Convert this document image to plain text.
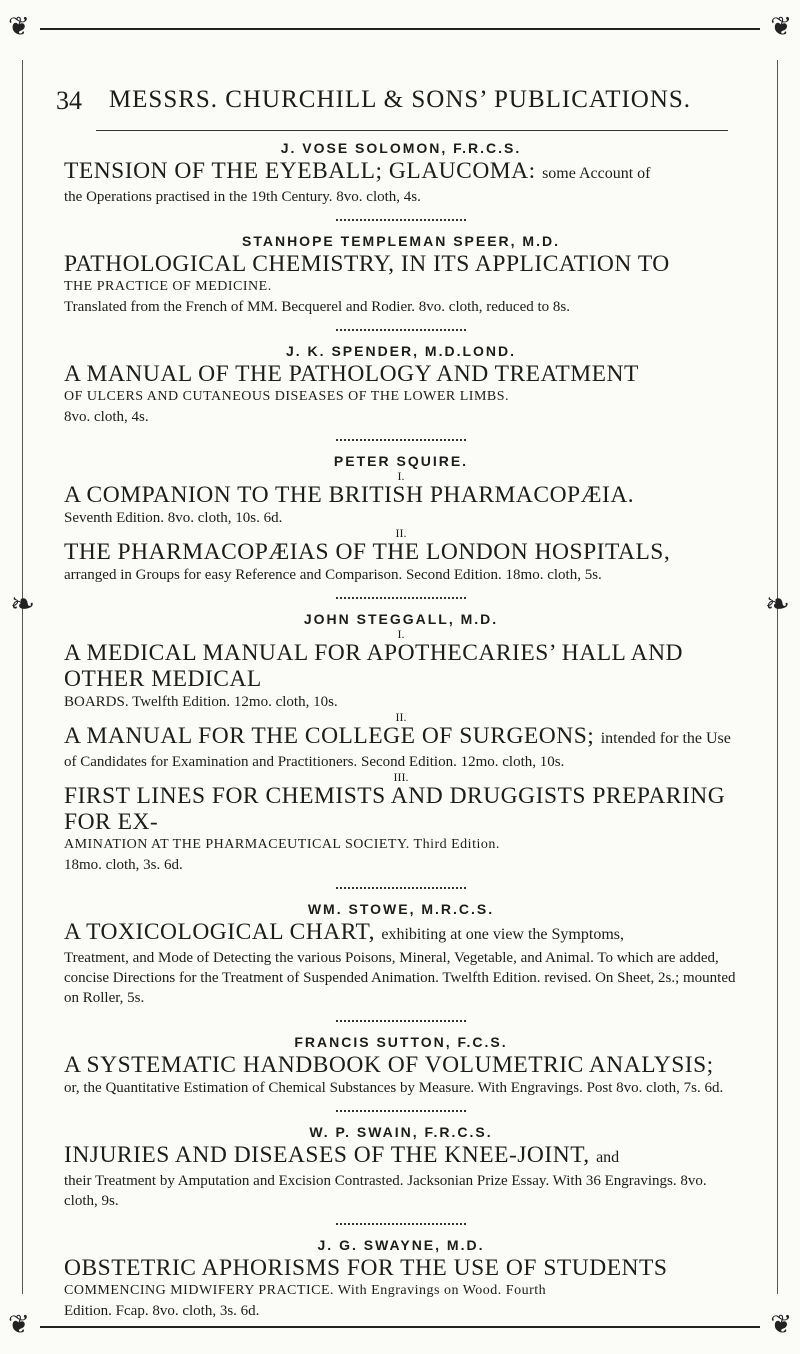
❦	❦
❦	❦
❧	❧
34	MESSRS. CHURCHILL & SONS’ PUBLICATIONS.

J. VOSE SOLOMON, F.R.C.S.

TENSION OF THE EYEBALL; GLAUCOMA: some Account of

the Operations practised in the 19th Century. 8vo. cloth, 4s.

STANHOPE TEMPLEMAN SPEER, M.D.

PATHOLOGICAL CHEMISTRY, IN ITS APPLICATION TO

THE PRACTICE OF MEDICINE.

Translated from the French of MM. Becquerel and Rodier. 8vo. cloth, reduced to 8s.

J. K. SPENDER, M.D.LOND.

A MANUAL OF THE PATHOLOGY AND TREATMENT

OF ULCERS AND CUTANEOUS DISEASES OF THE LOWER LIMBS.

8vo. cloth, 4s.

PETER SQUIRE.

I.

A COMPANION TO THE BRITISH PHARMACOPÆIA.

Seventh Edition. 8vo. cloth, 10s. 6d.

II.

THE PHARMACOPÆIAS OF THE LONDON HOSPITALS,

arranged in Groups for easy Reference and Comparison. Second Edition. 18mo. cloth, 5s.

JOHN STEGGALL, M.D.

I.

A MEDICAL MANUAL FOR APOTHECARIES’ HALL AND OTHER MEDICAL

BOARDS. Twelfth Edition. 12mo. cloth, 10s.

II.

A MANUAL FOR THE COLLEGE OF SURGEONS; intended for the Use

of Candidates for Examination and Practitioners. Second Edition. 12mo. cloth, 10s.

III.

FIRST LINES FOR CHEMISTS AND DRUGGISTS PREPARING FOR EX-

AMINATION AT THE PHARMACEUTICAL SOCIETY. Third Edition.

18mo. cloth, 3s. 6d.

WM. STOWE, M.R.C.S.

A TOXICOLOGICAL CHART, exhibiting at one view the Symptoms,

Treatment, and Mode of Detecting the various Poisons, Mineral, Vegetable, and Animal. To which are added, concise Directions for the Treatment of Suspended Animation. Twelfth Edition. revised. On Sheet, 2s.; mounted on Roller, 5s.

FRANCIS SUTTON, F.C.S.

A SYSTEMATIC HANDBOOK OF VOLUMETRIC ANALYSIS;

or, the Quantitative Estimation of Chemical Substances by Measure. With Engravings. Post 8vo. cloth, 7s. 6d.

W. P. SWAIN, F.R.C.S.

INJURIES AND DISEASES OF THE KNEE-JOINT, and

their Treatment by Amputation and Excision Contrasted. Jacksonian Prize Essay. With 36 Engravings. 8vo. cloth, 9s.

J. G. SWAYNE, M.D.

OBSTETRIC APHORISMS FOR THE USE OF STUDENTS

COMMENCING MIDWIFERY PRACTICE. With Engravings on Wood. Fourth

Edition. Fcap. 8vo. cloth, 3s. 6d.
